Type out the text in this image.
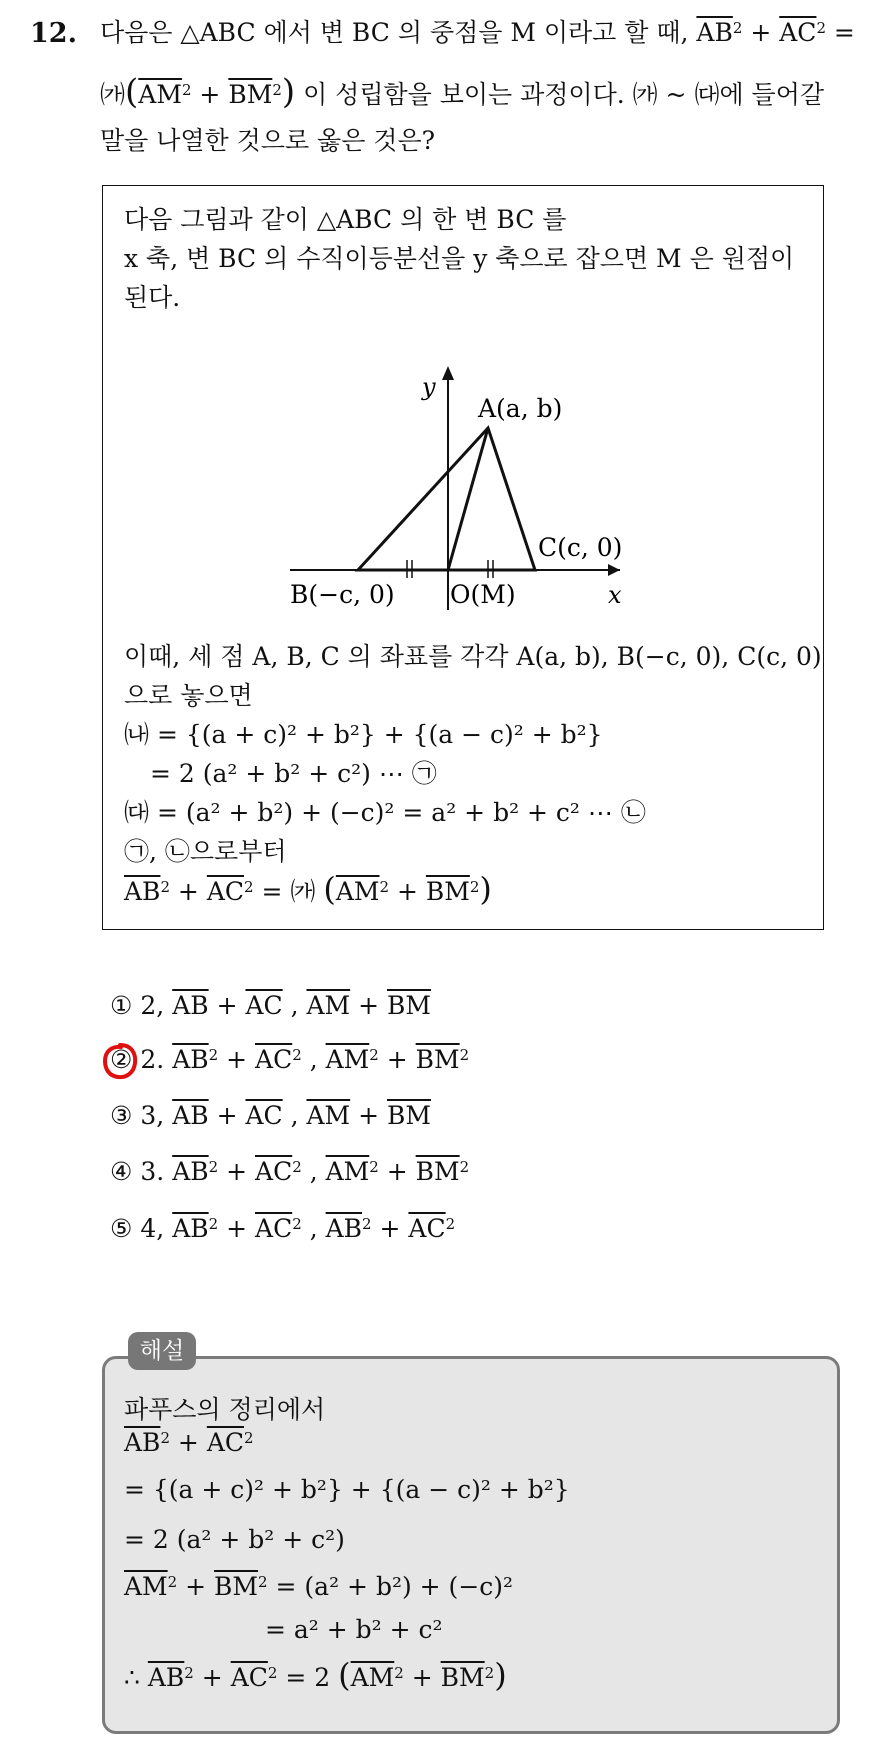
12. 다음은 △ABC 에서 변 BC 의 중점을 M 이라고 할 때, $\overline{AB}^2 + \overline{AC}^2$ =
$㈎(\overline{AM}^2 + \overline{BM}^2)$ 이 성립함을 보이는 과정이다. ㈎ ~ ㈐에 들어갈
말을 나열한 것으로 옳은 것은?
다음 그림과 같이 △ABC 의 한 변 BC 를
x 축, 변 BC 의 수직이등분선을 y 축으로 잡으면 M 은 원점이
된다.
y
x
A(a, b)
B(−c, 0)
C(c, 0)
O(M)
이때, 세 점 A, B, C 의 좌표를 각각 A(a, b), B(−c, 0), C(c, 0)
으로 놓으면
㈏ = {(a + c)² + b²} + {(a − c)² + b²}
= 2 (a² + b² + c²) ⋯ ㉠
㈐ = (a² + b²) + (−c)² = a² + b² + c² ⋯ ㉡
㉠, ㉡으로부터
$\overline{AB}^2 + \overline{AC}^2$ = ㈎ $(\overline{AM}^2 + \overline{BM}^2)$
① 2, $\overline{AB} + \overline{AC}$ , $\overline{AM} + \overline{BM}$
② 2. $\overline{AB}^2 + \overline{AC}^2$ , $\overline{AM}^2 + \overline{BM}^2$
③ 3, $\overline{AB} + \overline{AC}$ , $\overline{AM} + \overline{BM}$
④ 3. $\overline{AB}^2 + \overline{AC}^2$ , $\overline{AM}^2 + \overline{BM}^2$
⑤ 4, $\overline{AB}^2 + \overline{AC}^2$ , $\overline{AB}^2 + \overline{AC}^2$
해설
파푸스의 정리에서
$\overline{AB}^2 + \overline{AC}^2$
= {(a + c)² + b²} + {(a − c)² + b²}
= 2 (a² + b² + c²)
$\overline{AM}^2 + \overline{BM}^2 = (a^2 + b^2) + (-c)^2$
= a² + b² + c²
∴ $\overline{AB}^2 + \overline{AC}^2 = 2$ $(\overline{AM}^2 + \overline{BM}^2)$
